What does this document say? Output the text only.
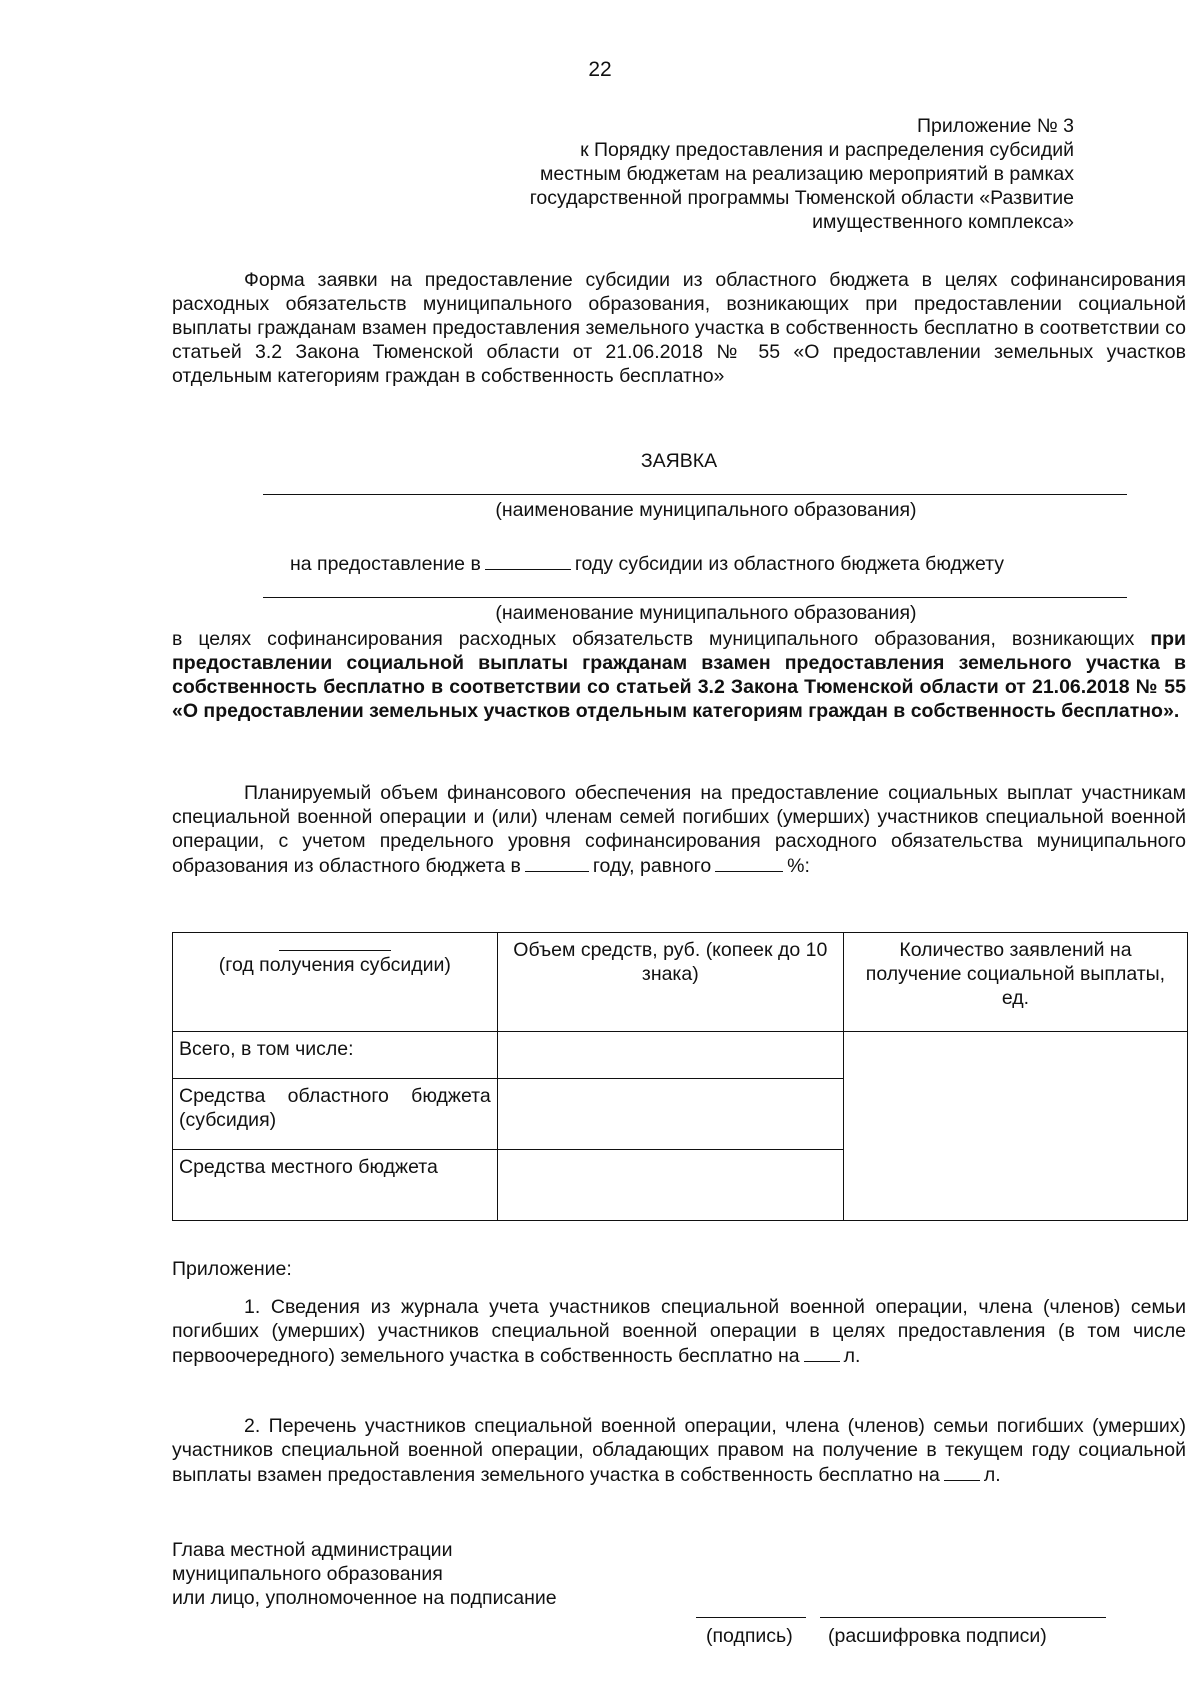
22
Приложение № 3
к Порядку предоставления и распределения субсидий
местным бюджетам на реализацию мероприятий в рамках
государственной программы Тюменской области «Развитие
имущественного комплекса»
Форма заявки на предоставление субсидии из областного бюджета в целях софинансирования расходных обязательств муниципального образования, возникающих при предоставлении социальной выплаты гражданам взамен предоставления земельного участка в собственность бесплатно в соответствии со статьей 3.2 Закона Тюменской области от 21.06.2018 № 55 «О предоставлении земельных участков отдельным категориям граждан в собственность бесплатно»
ЗАЯВКА
(наименование муниципального образования)
на предоставление в	году субсидии из областного бюджета бюджету
(наименование муниципального образования)
в целях софинансирования расходных обязательств муниципального образования, возникающих при предоставлении социальной выплаты гражданам взамен предоставления земельного участка в собственность бесплатно в соответствии со статьей 3.2 Закона Тюменской области от 21.06.2018 № 55 «О предоставлении земельных участков отдельным категориям граждан в собственность бесплатно».
Планируемый объем финансового обеспечения на предоставление социальных выплат участникам специальной военной операции и (или) членам семей погибших (умерших) участников специальной военной операции, с учетом предельного уровня софинансирования расходного обязательства муниципального образования из областного бюджета в	году, равного	%:
(год получения субсидии)	Объем средств, руб. (копеек до 10 знака)	Количество заявлений на получение социальной выплаты, ед.
Всего, в том числе:		
Средства областного бюджета (субсидия)		
Средства местного бюджета		
Приложение:
1. Сведения из журнала учета участников специальной военной операции, члена (членов) семьи погибших (умерших) участников специальной военной операции в целях предоставления (в том числе первоочередного) земельного участка в собственность бесплатно на л.
2. Перечень участников специальной военной операции, члена (членов) семьи погибших (умерших) участников специальной военной операции, обладающих правом на получение в текущем году социальной выплаты взамен предоставления земельного участка в собственность бесплатно на л.
Глава местной администрации
муниципального образования
или лицо, уполномоченное на подписание
(подпись) (расшифровка подписи)
